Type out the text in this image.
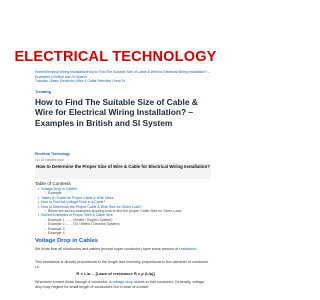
ELECTRICAL TECHNOLOGY
Home/Electrical Wiring Installation/How to Find The Suitable Size of Cable & Wire for Electrical Wiring Installation? – Examples in British and SI System
Tutorials | Basic Electrical | Wire & Cable Selection | How To
Trending
How to Find The Suitable Size of Cable & Wire for Electrical Wiring Installation? – Examples in British and SI System
Electrical Technology
111 10 minutes read
How to Determine the Proper Size of Wire & Cable for Electrical Wiring Installation?
Table of Contents
• Voltage Drop in Cables
◦ Example
• Tables & Charts for Proper Cable & Wire Sizes
• How to Find the Voltage Drop in a Cable?
• How to Determine the Proper Cable & Wire Size for Given Load?
◦ Below are solved examples showing how to find the proper Cable Size for Given Load.
• Solved Examples of Proper Wire & Cable Size
◦ Example 1 ....... (British / English System)
◦ Example 2 ....... (SI / Metric / Decimal System)
◦ Example 3
◦ Example 4
Voltage Drop in Cables

We know that all conductors and cables (except super conductor) have some amount of resistance.

This resistance is directly proportional to the length and inversely proportional to the diameter of conductor i.e.

R ∝ L/a ... [Laws of resistance R = ρ (L/a)]

Whenever current flows through a conductor, a voltage drop occurs in that conductor. Generally, voltage drop may neglect for small length of conductors but in case of a lower
